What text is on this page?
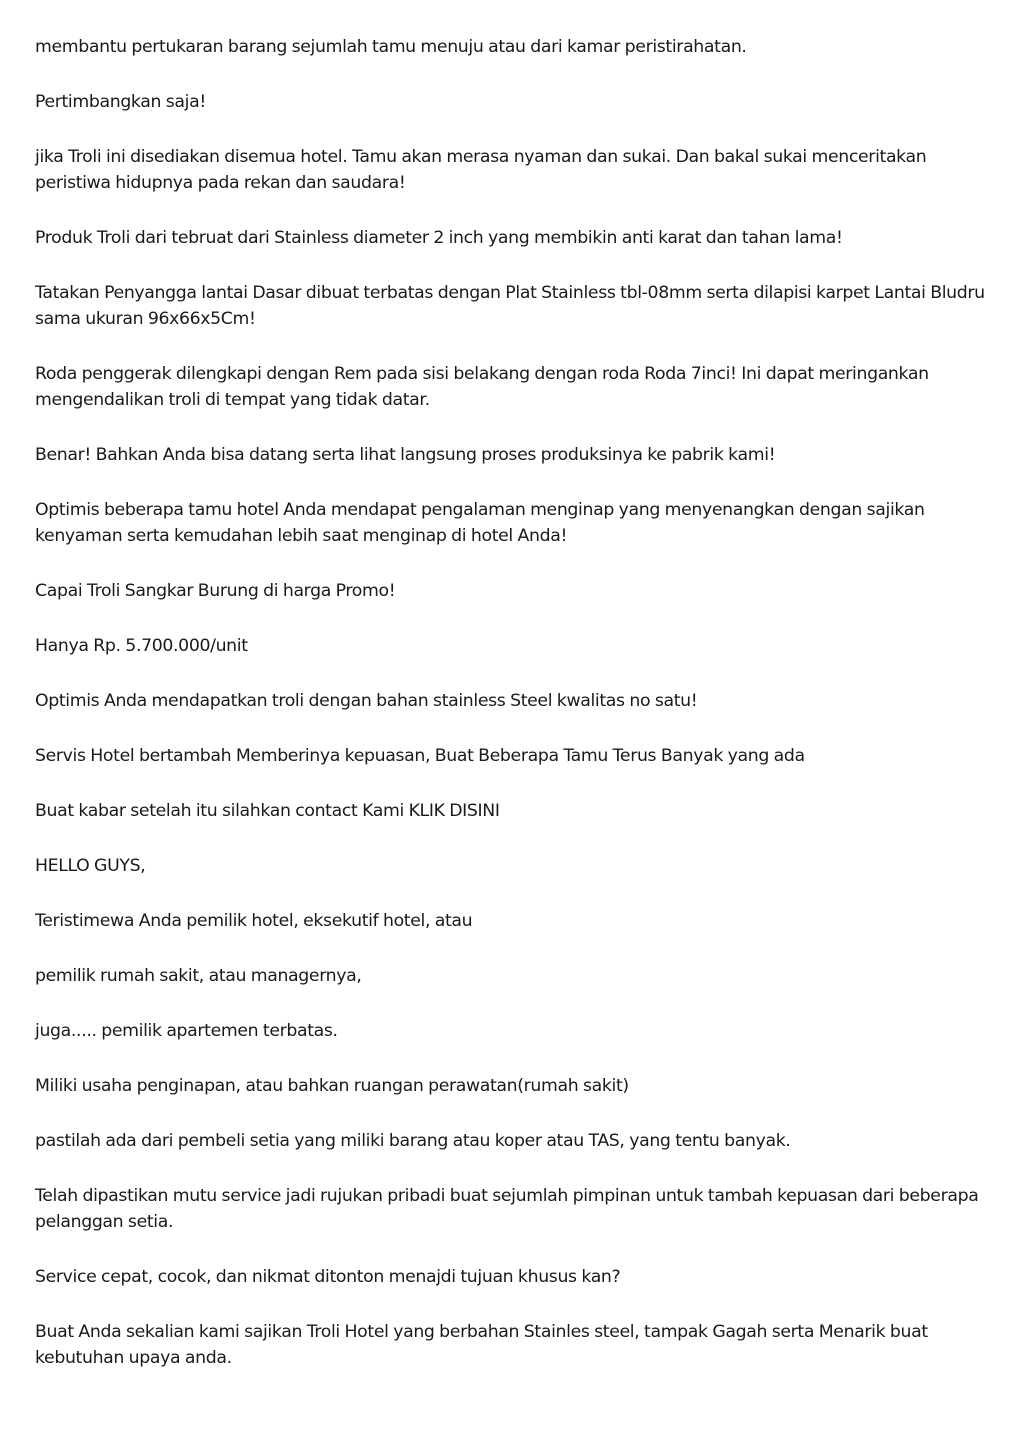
membantu pertukaran barang sejumlah tamu menuju atau dari kamar peristirahatan.

Pertimbangkan saja!

jika Troli ini disediakan disemua hotel. Tamu akan merasa nyaman dan sukai. Dan bakal sukai menceritakan peristiwa hidupnya pada rekan dan saudara!

Produk Troli dari tebruat dari Stainless diameter 2 inch yang membikin anti karat dan tahan lama!

Tatakan Penyangga lantai Dasar dibuat terbatas dengan Plat Stainless tbl-08mm serta dilapisi karpet Lantai Bludru sama ukuran 96x66x5Cm!

Roda penggerak dilengkapi dengan Rem pada sisi belakang dengan roda Roda 7inci! Ini dapat meringankan mengendalikan troli di tempat yang tidak datar.

Benar! Bahkan Anda bisa datang serta lihat langsung proses produksinya ke pabrik kami!

Optimis beberapa tamu hotel Anda mendapat pengalaman menginap yang menyenangkan dengan sajikan kenyaman serta kemudahan lebih saat menginap di hotel Anda!

Capai Troli Sangkar Burung di harga Promo!

Hanya Rp. 5.700.000/unit

Optimis Anda mendapatkan troli dengan bahan stainless Steel kwalitas no satu!

Servis Hotel bertambah Memberinya kepuasan, Buat Beberapa Tamu Terus Banyak yang ada

Buat kabar setelah itu silahkan contact Kami KLIK DISINI

HELLO GUYS,

Teristimewa Anda pemilik hotel, eksekutif hotel, atau

pemilik rumah sakit, atau managernya,

juga..... pemilik apartemen terbatas.

Miliki usaha penginapan, atau bahkan ruangan perawatan(rumah sakit)

pastilah ada dari pembeli setia yang miliki barang atau koper atau TAS, yang tentu banyak.

Telah dipastikan mutu service jadi rujukan pribadi buat sejumlah pimpinan untuk tambah kepuasan dari beberapa pelanggan setia.

Service cepat, cocok, dan nikmat ditonton menajdi tujuan khusus kan?

Buat Anda sekalian kami sajikan Troli Hotel yang berbahan Stainles steel, tampak Gagah serta Menarik buat kebutuhan upaya anda.
